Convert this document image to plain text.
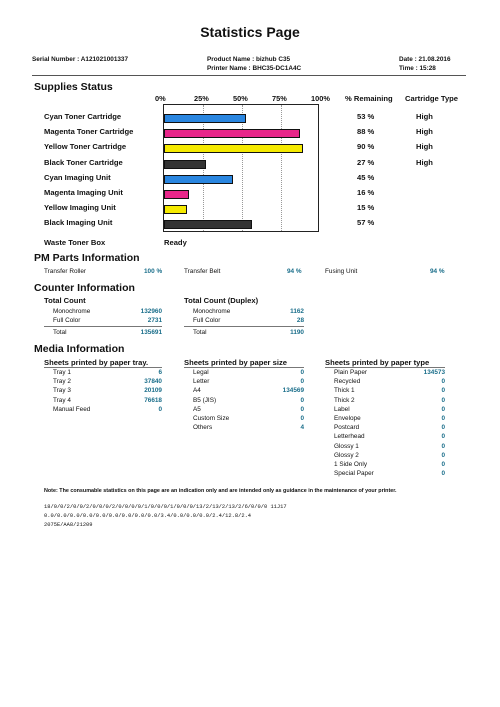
Statistics Page
Serial Number : A121021001337	Product Name : bizhub C35
Printer Name : BHC35-DC1A4C
Date : 21.08.2016
Time : 15:28
Supplies Status
0%	25%	50%	75%	100% % Remaining Cartridge Type
Cyan Toner Cartridge	53 %	High
Magenta Toner Cartridge	88 %	High
Yellow Toner Cartridge	90 %	High
Black Toner Cartridge	27 %	High
Cyan Imaging Unit	45 %
Magenta Imaging Unit	16 %
Yellow Imaging Unit	15 %
Black Imaging Unit	57 %
Waste Toner Box	Ready
PM Parts Information
Transfer Roller	100 %	Transfer Belt	94 %	Fusing Unit	94 %
Counter Information
Total Count
Monochrome	132960
Full Color	2731
Total	135691
Total Count (Duplex)
Monochrome	1162
Full Color	28
Total	1190
Media Information
Sheets printed by paper tray.	Sheets printed by paper size	Sheets printed by paper type
Tray 1	6
Tray 2	37840
Tray 3	20109
Tray 4	76618
Manual Feed	0
Legal	0
Letter	0
A4	134569
B5 (JIS)	0
A5	0
Custom Size	0
Others	4
Plain Paper	134573
Recycled	0
Thick 1	0
Thick 2	0
Label	0
Envelope	0
Postcard	0
Letterhead	0
Glossy 1	0
Glossy 2	0
1 Side Only	0
Special Paper	0
Note: The consumable statistics on this page are an indication only and are intended only as guidance in the maintenance of your printer.
18/0/0/2/0/0/2/0/0/0/2/0/0/0/0/1/0/0/0/1/0/0/0/13/2/13/2/13/2/6/0/0/0 11J17
0.0/0.0/0.0/0.0/0.0/0.0/0.0/0.0/0.0/3.4/0.0/0.0/0.0/2.4/12.8/2.4
2075E/AA8/21209
